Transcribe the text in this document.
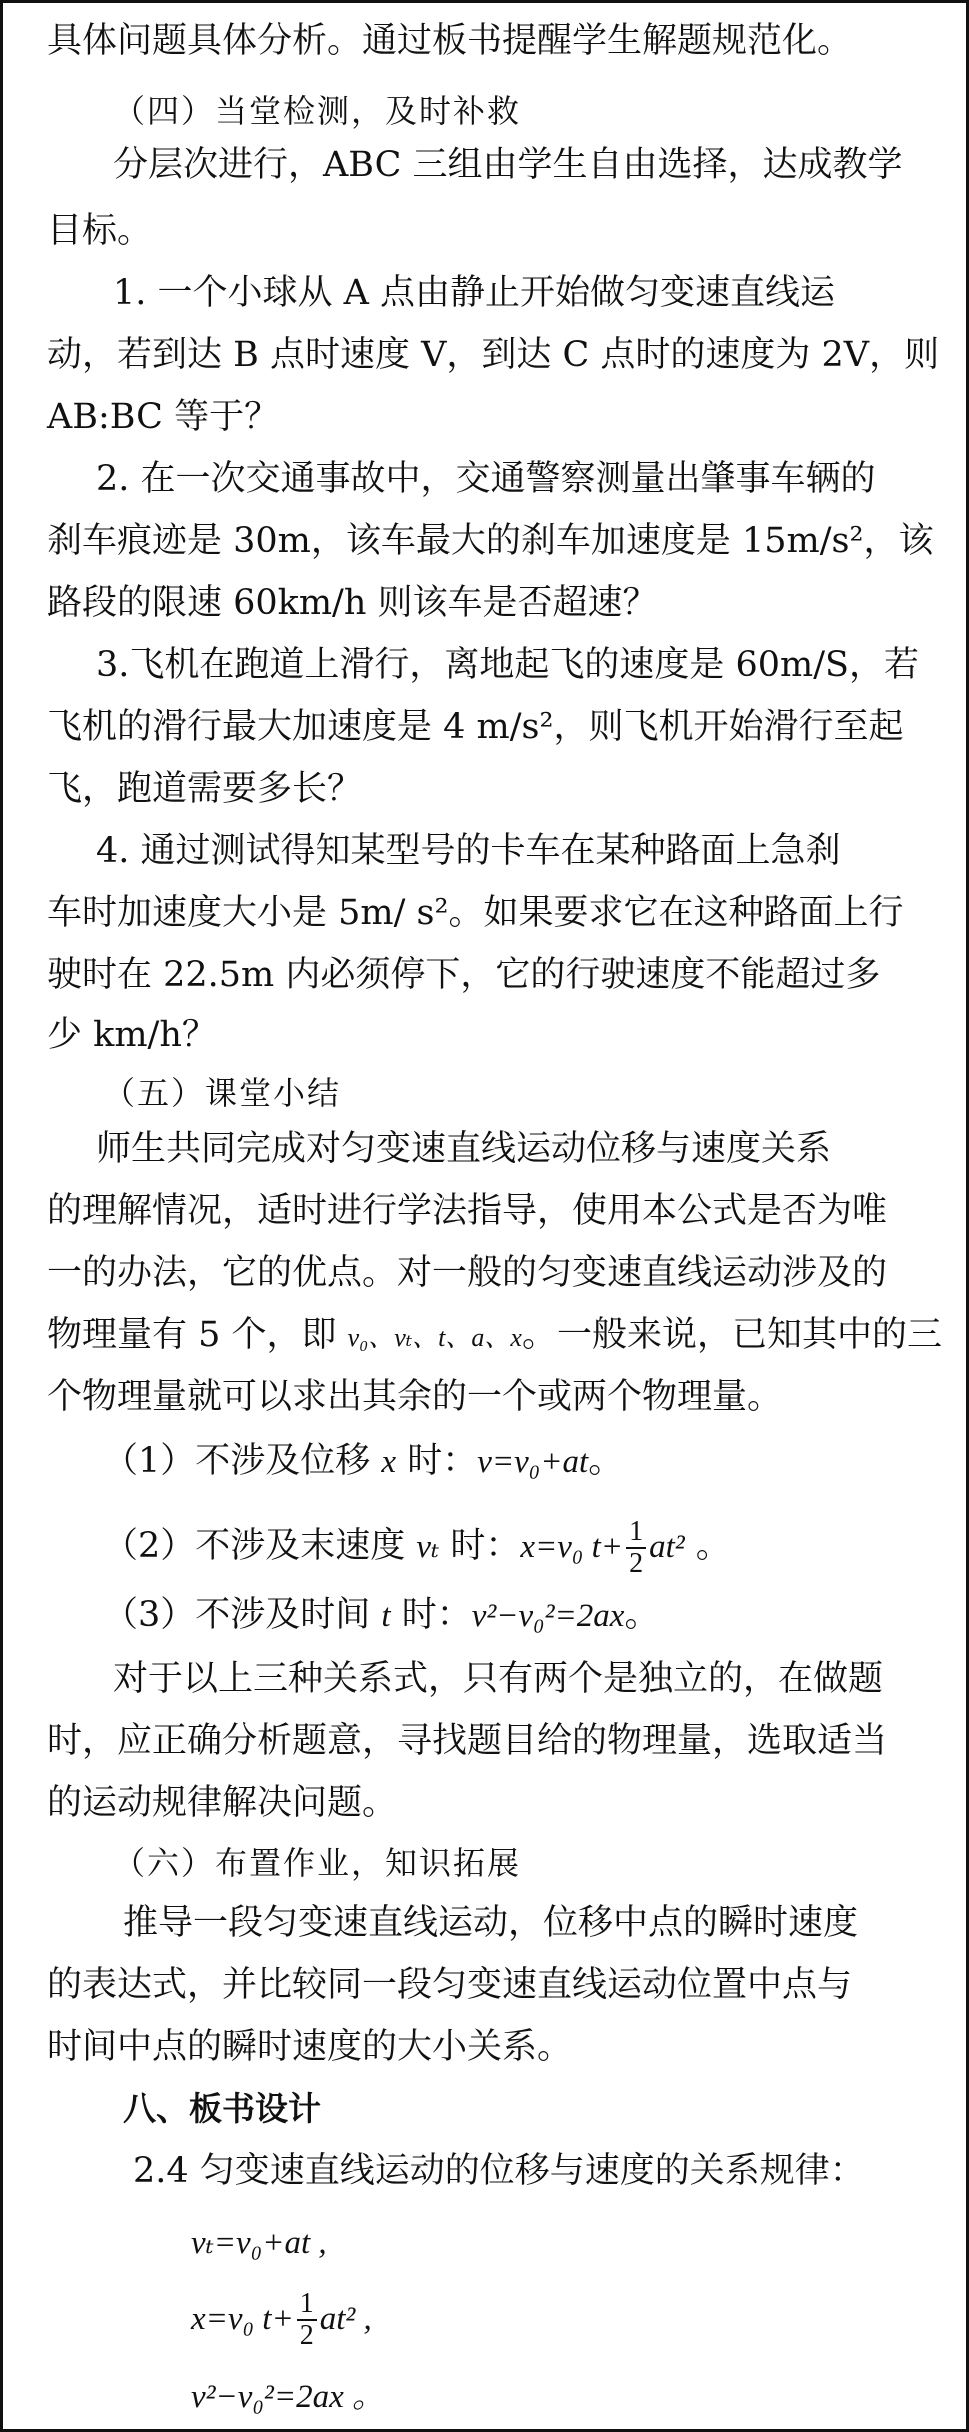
具体问题具体分析。通过板书提醒学生解题规范化。
（四）当堂检测，及时补救
分层次进行，ABC 三组由学生自由选择，达成教学
目标。
1. 一个小球从 A 点由静止开始做匀变速直线运
动，若到达 B 点时速度 V，到达 C 点时的速度为 2V，则
AB:BC 等于？
2. 在一次交通事故中，交通警察测量出肇事车辆的
刹车痕迹是 30m，该车最大的刹车加速度是 15m/s²，该
路段的限速 60km/h 则该车是否超速？
3.飞机在跑道上滑行，离地起飞的速度是 60m/S，若
飞机的滑行最大加速度是 4 m/s²，则飞机开始滑行至起
飞，跑道需要多长？
4. 通过测试得知某型号的卡车在某种路面上急刹
车时加速度大小是 5m/ s²。如果要求它在这种路面上行
驶时在 22.5m 内必须停下，它的行驶速度不能超过多
少 km/h？
（五）课堂小结
师生共同完成对匀变速直线运动位移与速度关系
的理解情况，适时进行学法指导，使用本公式是否为唯
一的办法，它的优点。对一般的匀变速直线运动涉及的
物理量有 5 个，即 v₀、vₜ、t、a、x。一般来说，已知其中的三
个物理量就可以求出其余的一个或两个物理量。
（1）不涉及位移 x 时：v=v₀+at。
（2）不涉及末速度 vₜ 时：x=v₀ $t+ \frac{1}{2} at^2$ 。
（3）不涉及时间 t 时：v²−v₀²=2ax。
对于以上三种关系式，只有两个是独立的，在做题
时，应正确分析题意，寻找题目给的物理量，选取适当
的运动规律解决问题。
（六）布置作业，知识拓展
推导一段匀变速直线运动，位移中点的瞬时速度
的表达式，并比较同一段匀变速直线运动位置中点与
时间中点的瞬时速度的大小关系。
八、板书设计
2.4 匀变速直线运动的位移与速度的关系规律：
vₜ=v₀+at ,
x=v₀ $t+ \frac{1}{2} at^2$ ,
v²−v₀²=2ax 。
